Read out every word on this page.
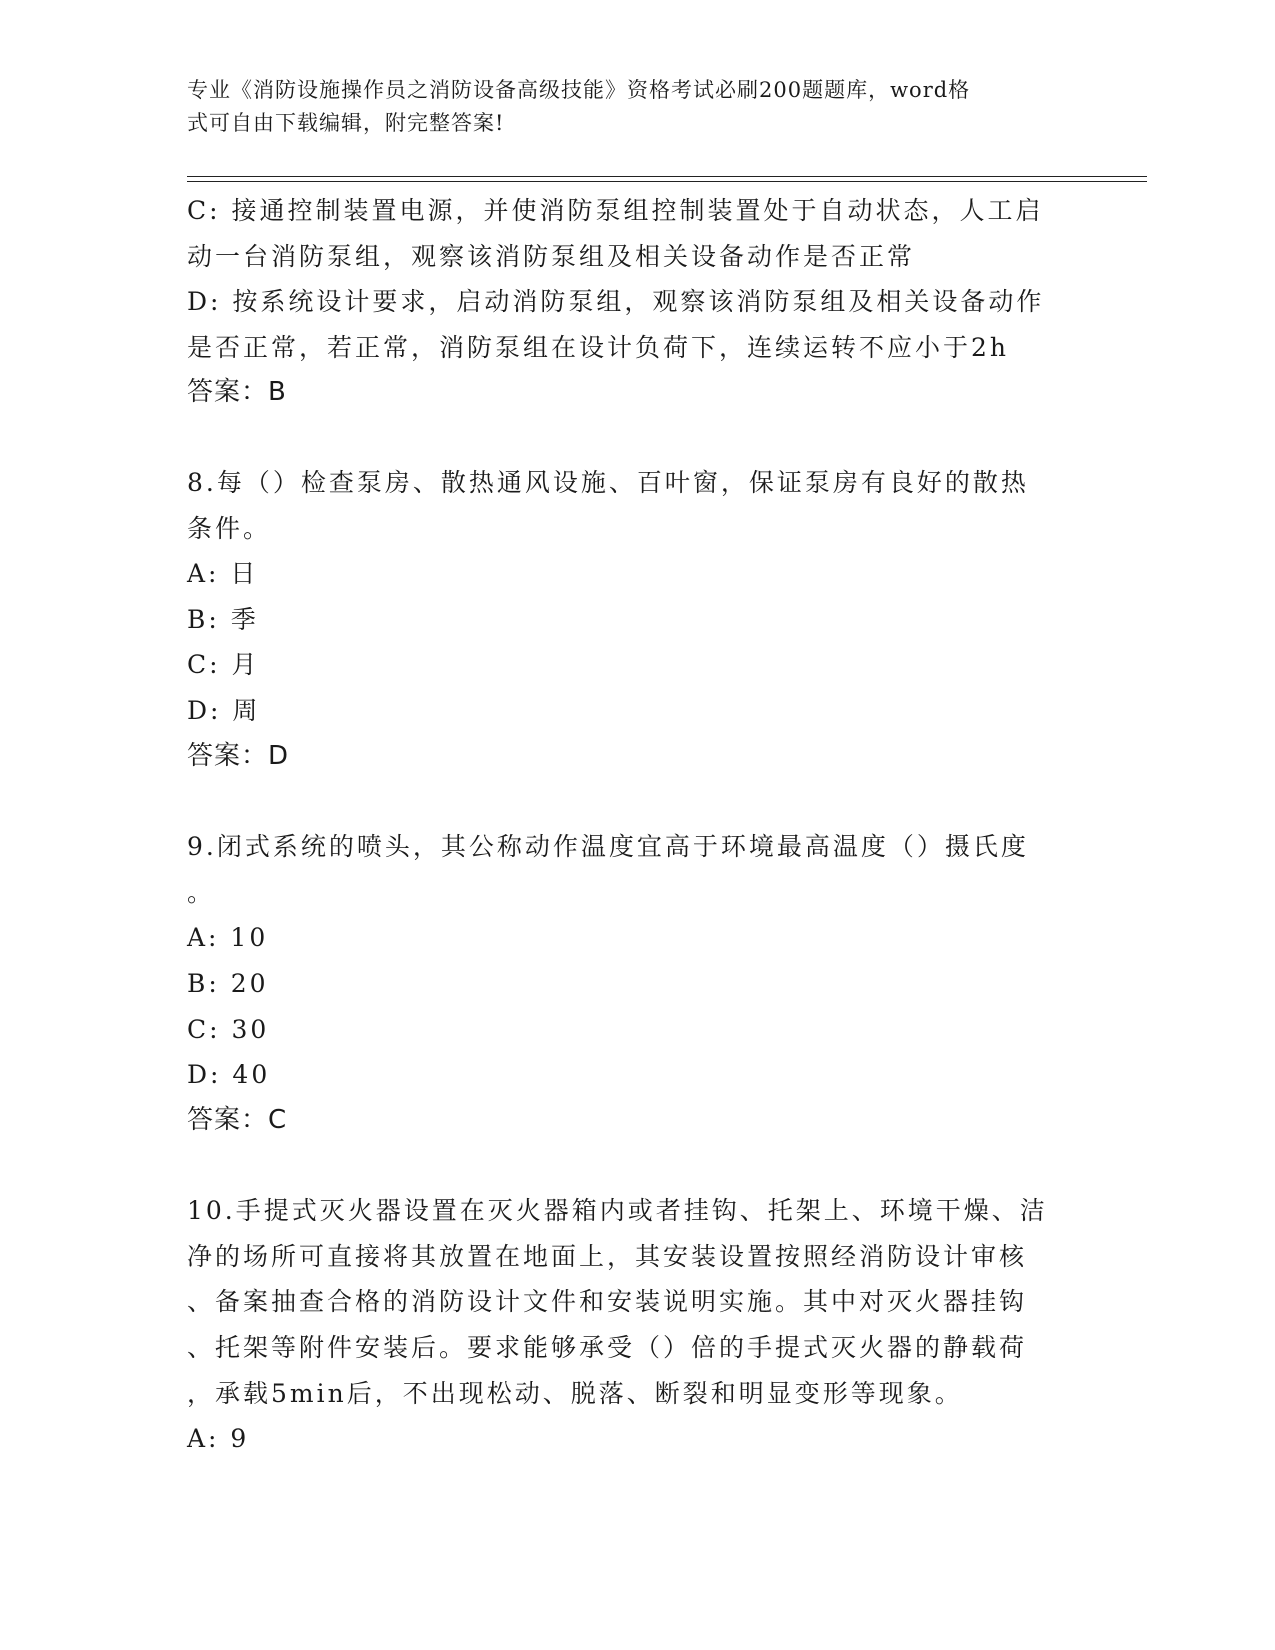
专业《消防设施操作员之消防设备高级技能》资格考试必刷200题题库，word格
式可自由下载编辑，附完整答案!
C: 接通控制装置电源，并使消防泵组控制装置处于自动状态，人工启
动一台消防泵组，观察该消防泵组及相关设备动作是否正常
D: 按系统设计要求，启动消防泵组，观察该消防泵组及相关设备动作
是否正常，若正常，消防泵组在设计负荷下，连续运转不应小于2h
答案：B
8.每（）检查泵房、散热通风设施、百叶窗，保证泵房有良好的散热
条件。
A: 日
B: 季
C: 月
D: 周
答案：D
9.闭式系统的喷头，其公称动作温度宜高于环境最高温度（）摄氏度
。
A: 10
B: 20
C: 30
D: 40
答案：C
10.手提式灭火器设置在灭火器箱内或者挂钩、托架上、环境干燥、洁
净的场所可直接将其放置在地面上，其安装设置按照经消防设计审核
、备案抽查合格的消防设计文件和安装说明实施。其中对灭火器挂钩
、托架等附件安装后。要求能够承受（）倍的手提式灭火器的静载荷
，承载5min后，不出现松动、脱落、断裂和明显变形等现象。
A: 9
